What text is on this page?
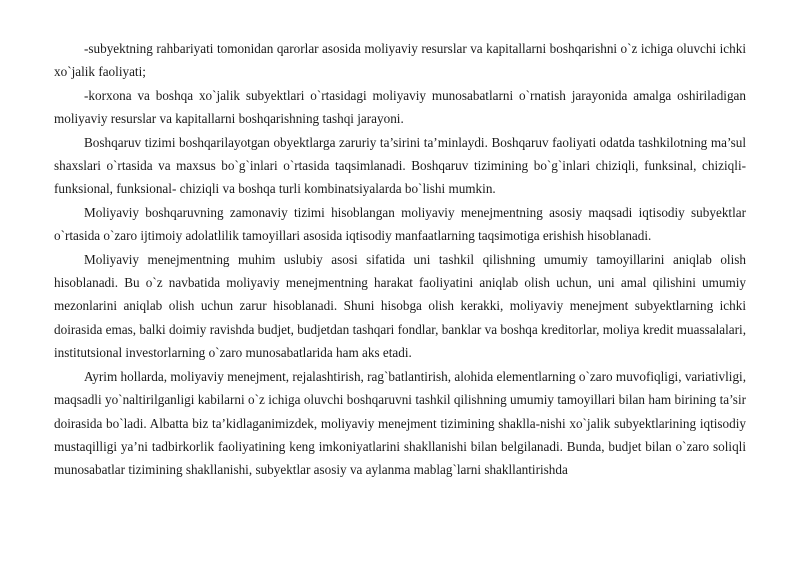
-subyektning rahbariyati tomonidan qarorlar asosida moliyaviy resurslar va kapitallarni boshqarishni o`z ichiga oluvchi ichki xo`jalik faoliyati;

-korxona va boshqa xo`jalik subyektlari o`rtasidagi moliyaviy munosabatlarni o`rnatish jarayonida amalga oshiriladigan moliyaviy resurslar va kapitallarni boshqarishning tashqi jarayoni.

Boshqaruv tizimi boshqarilayotgan obyektlarga zaruriy ta’sirini ta’minlaydi. Boshqaruv faoliyati odatda tashkilotning ma’sul shaxslari o`rtasida va maxsus bo`g`inlari o`rtasida taqsimlanadi. Boshqaruv tizimining bo`g`inlari chiziqli, funksinal, chiziqli-funksional, funksional- chiziqli va boshqa turli kombinatsiyalarda bo`lishi mumkin.

Moliyaviy boshqaruvning zamonaviy tizimi hisoblangan moliyaviy menejmentning asosiy maqsadi iqtisodiy subyektlar o`rtasida o`zaro ijtimoiy adolatlilik tamoyillari asosida iqtisodiy manfaatlarning taqsimotiga erishish hisoblanadi.

Moliyaviy menejmentning muhim uslubiy asosi sifatida uni tashkil qilishning umumiy tamoyillarini aniqlab olish hisoblanadi. Bu o`z navbatida moliyaviy menejmentning harakat faoliyatini aniqlab olish uchun, uni amal qilishini umumiy mezonlarini aniqlab olish uchun zarur hisoblanadi. Shuni hisobga olish kerakki, moliyaviy menejment subyektlarning ichki doirasida emas, balki doimiy ravishda budjet, budjetdan tashqari fondlar, banklar va boshqa kreditorlar, moliya kredit muassalalari, institutsional investorlarning o`zaro munosabatlarida ham aks etadi.

Ayrim hollarda, moliyaviy menejment, rejalashtirish, rag`batlantirish, alohida elementlarning o`zaro muvofiqligi, variativligi, maqsadli yo`naltirilganligi kabilarni o`z ichiga oluvchi boshqaruvni tashkil qilishning umumiy tamoyillari bilan ham birining ta’sir doirasida bo`ladi. Albatta biz ta’kidlaganimizdek, moliyaviy menejment tizimining shaklla-nishi xo`jalik subyektlarining iqtisodiy mustaqilligi ya’ni tadbirkorlik faoliyatining keng imkoniyatlarini shakllanishi bilan belgilanadi. Bunda, budjet bilan o`zaro soliqli munosabatlar tizimining shakllanishi, subyektlar asosiy va aylanma mablag`larni shakllantirishda
